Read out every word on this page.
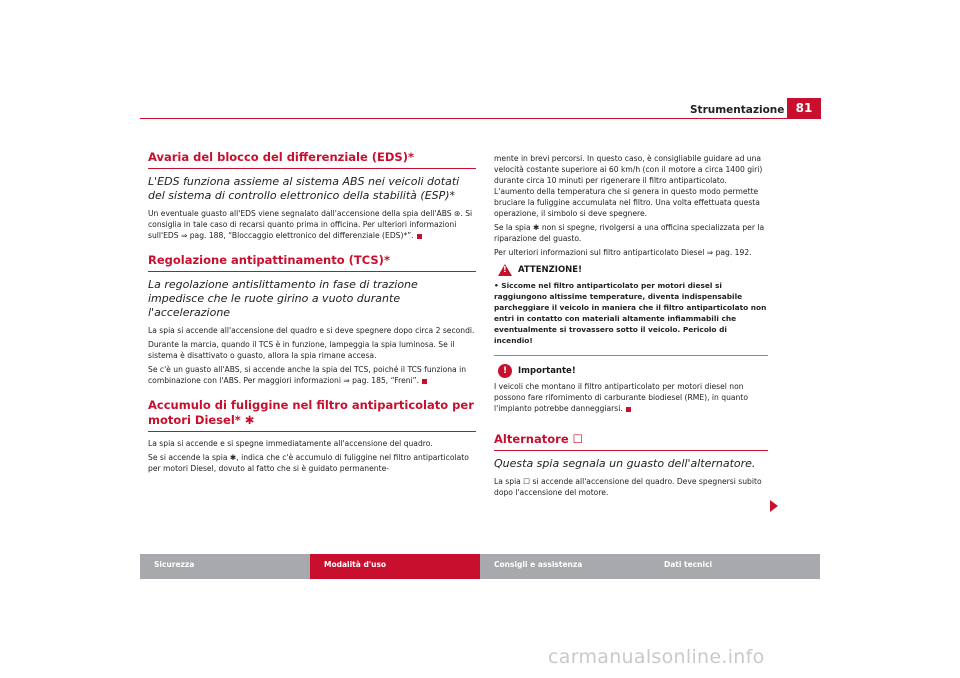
Strumentazione 81
Avaria del blocco del differenziale (EDS)*
L'EDS funziona assieme al sistema ABS nei veicoli dotati del sistema di controllo elettronico della stabilità (ESP)*

Un eventuale guasto all'EDS viene segnalato dall'accensione della spia dell'ABS ⊛. Si consiglia in tale caso di recarsi quanto prima in officina. Per ulteriori informazioni sull'EDS ⇒ pag. 188, “Bloccaggio elettronico del differenziale (EDS)*”.

Regolazione antipattinamento (TCS)*
La regolazione antislittamento in fase di trazione impedisce che le ruote girino a vuoto durante l'accelerazione

La spia si accende all'accensione del quadro e si deve spegnere dopo circa 2 secondi.

Durante la marcia, quando il TCS è in funzione, lampeggia la spia luminosa. Se il sistema è disattivato o guasto, allora la spia rimane accesa.

Se c'è un guasto all'ABS, si accende anche la spia del TCS, poiché il TCS funziona in combinazione con l'ABS. Per maggiori informazioni ⇒ pag. 185, “Freni”.

Accumulo di fuliggine nel filtro antiparticolato per motori Diesel* ✱

La spia si accende e si spegne immediatamente all'accensione del quadro.

Se si accende la spia ✱, indica che c'è accumulo di fuliggine nel filtro antiparticolato per motori Diesel, dovuto al fatto che si è guidato permanente-

mente in brevi percorsi. In questo caso, è consigliabile guidare ad una velocità costante superiore ai 60 km/h (con il motore a circa 1400 giri) durante circa 10 minuti per rigenerare il filtro antiparticolato. L'aumento della temperatura che si genera in questo modo permette bruciare la fuliggine accumulata nel filtro. Una volta effettuata questa operazione, il simbolo si deve spegnere.

Se la spia ✱ non si spegne, rivolgersi a una officina specializzata per la riparazione del guasto.

Per ulteriori informazioni sul filtro antiparticolato Diesel ⇒ pag. 192.

!
ATTENZIONE!

• Siccome nel filtro antiparticolato per motori diesel si raggiungono altissime temperature, diventa indispensabile parcheggiare il veicolo in maniera che il filtro antiparticolato non entri in contatto con materiali altamente infiammabili che eventualmente si trovassero sotto il veicolo. Pericolo di incendio!

!	Importante!

I veicoli che montano il filtro antiparticolato per motori diesel non possono fare rifornimento di carburante biodiesel (RME), in quanto l'impianto potrebbe danneggiarsi.

Alternatore ☐
Questa spia segnala un guasto dell'alternatore.

La spia ☐ si accende all'accensione del quadro. Deve spegnersi subito dopo l'accensione del motore.

Sicurezza	Modalità d'uso	Consigli e assistenza	Dati tecnici
carmanualsonline.info
